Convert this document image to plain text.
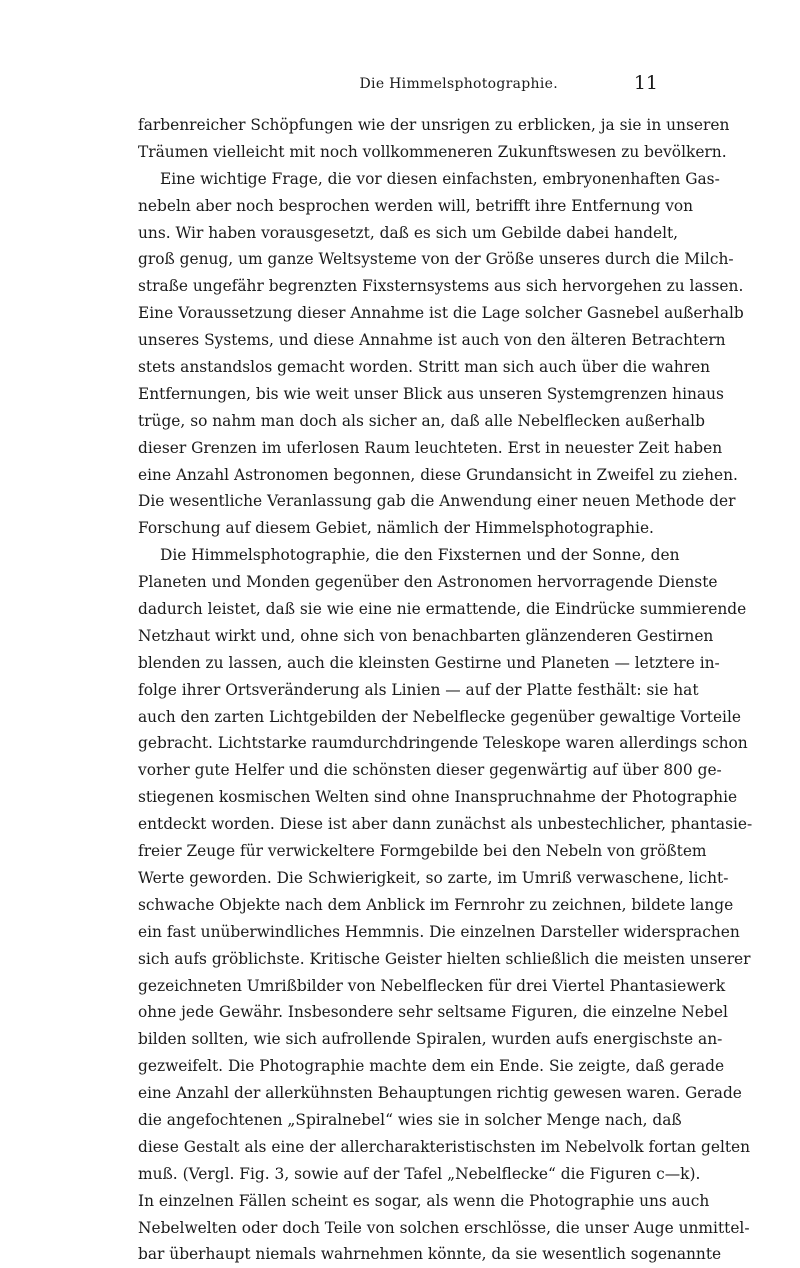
Die Himmelsphotographie.	11

farbenreicher Schöpfungen wie der unsrigen zu erblicken, ja sie in unseren
Träumen vielleicht mit noch vollkommeneren Zukunftswesen zu bevölkern.

Eine wichtige Frage, die vor diesen einfachsten, embryonenhaften Gas-
nebeln aber noch besprochen werden will, betrifft ihre Entfernung von
uns. Wir haben vorausgesetzt, daß es sich um Gebilde dabei handelt,
groß genug, um ganze Weltsysteme von der Größe unseres durch die Milch-
straße ungefähr begrenzten Fixsternsystems aus sich hervorgehen zu lassen.
Eine Voraussetzung dieser Annahme ist die Lage solcher Gasnebel außerhalb
unseres Systems, und diese Annahme ist auch von den älteren Betrachtern
stets anstandslos gemacht worden. Stritt man sich auch über die wahren
Entfernungen, bis wie weit unser Blick aus unseren Systemgrenzen hinaus
trüge, so nahm man doch als sicher an, daß alle Nebelflecken außerhalb
dieser Grenzen im uferlosen Raum leuchteten. Erst in neuester Zeit haben
eine Anzahl Astronomen begonnen, diese Grundansicht in Zweifel zu ziehen.
Die wesentliche Veranlassung gab die Anwendung einer neuen Methode der
Forschung auf diesem Gebiet, nämlich der Himmelsphotographie.

Die Himmelsphotographie, die den Fixsternen und der Sonne, den
Planeten und Monden gegenüber den Astronomen hervorragende Dienste
dadurch leistet, daß sie wie eine nie ermattende, die Eindrücke summierende
Netzhaut wirkt und, ohne sich von benachbarten glänzenderen Gestirnen
blenden zu lassen, auch die kleinsten Gestirne und Planeten — letztere in-
folge ihrer Ortsveränderung als Linien — auf der Platte festhält: sie hat
auch den zarten Lichtgebilden der Nebelflecke gegenüber gewaltige Vorteile
gebracht. Lichtstarke raumdurchdringende Teleskope waren allerdings schon
vorher gute Helfer und die schönsten dieser gegenwärtig auf über 800 ge-
stiegenen kosmischen Welten sind ohne Inanspruchnahme der Photographie
entdeckt worden. Diese ist aber dann zunächst als unbestechlicher, phantasie-
freier Zeuge für verwickeltere Formgebilde bei den Nebeln von größtem
Werte geworden. Die Schwierigkeit, so zarte, im Umriß verwaschene, licht-
schwache Objekte nach dem Anblick im Fernrohr zu zeichnen, bildete lange
ein fast unüberwindliches Hemmnis. Die einzelnen Darsteller widersprachen
sich aufs gröblichste. Kritische Geister hielten schließlich die meisten unserer
gezeichneten Umrißbilder von Nebelflecken für drei Viertel Phantasiewerk
ohne jede Gewähr. Insbesondere sehr seltsame Figuren, die einzelne Nebel
bilden sollten, wie sich aufrollende Spiralen, wurden aufs energischste an-
gezweifelt. Die Photographie machte dem ein Ende. Sie zeigte, daß gerade
eine Anzahl der allerkühnsten Behauptungen richtig gewesen waren. Gerade
die angefochtenen „Spiralnebel“ wies sie in solcher Menge nach, daß
diese Gestalt als eine der allercharakteristischsten im Nebelvolk fortan gelten
muß. (Vergl. Fig. 3, sowie auf der Tafel „Nebelflecke“ die Figuren c—k).
In einzelnen Fällen scheint es sogar, als wenn die Photographie uns auch
Nebelwelten oder doch Teile von solchen erschlösse, die unser Auge unmittel-
bar überhaupt niemals wahrnehmen könnte, da sie wesentlich sogenannte
